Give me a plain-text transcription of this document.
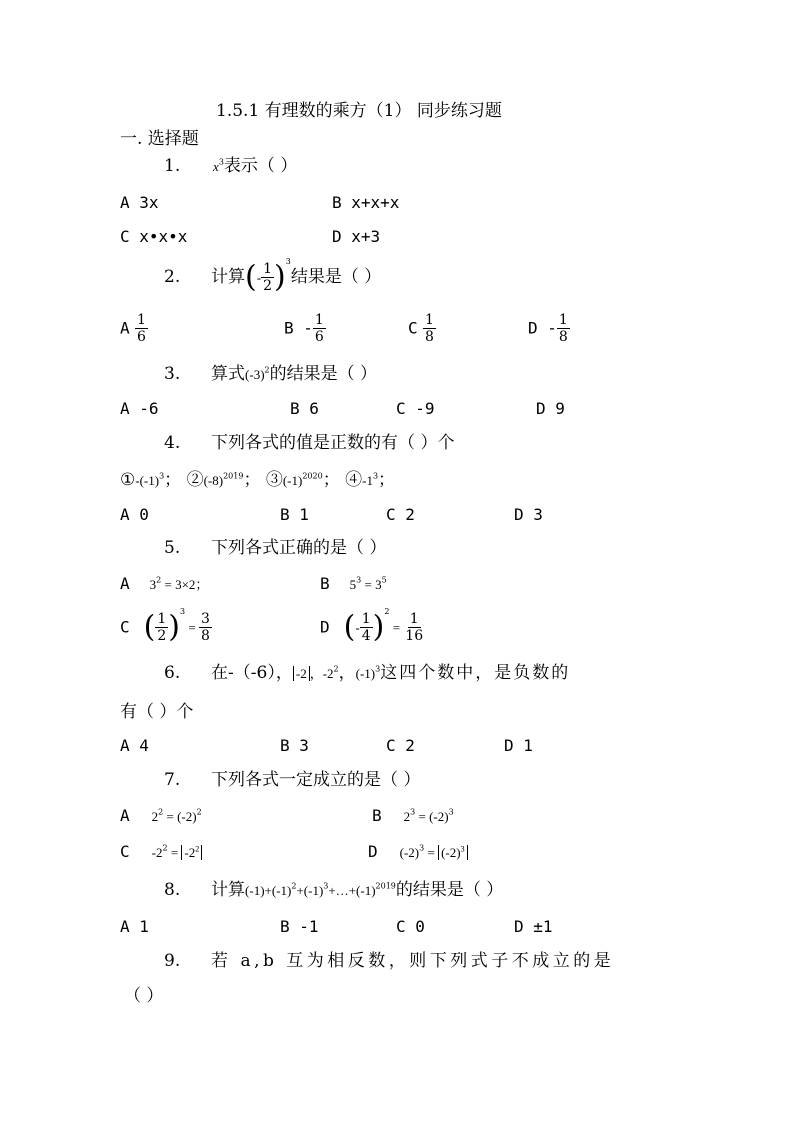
1.5.1 有理数的乘方（1） 同步练习题
一. 选择题
1.	$x^3$表示（ ）
A 3x	B x+x+x
C x•x•x	D x+3
2. 计算(- $\frac{1}{2} )^3$结果是（ ）
A $\frac{1}{6}$	B - $\frac{1}{6}$	C $\frac{1}{8}$	D - $\frac{1}{8}$
3. 算式$(-3)^2$的结果是（ ）
A -6	B 6	C -9	D 9
4. 下列各式的值是正数的有（ ）个
$①-(-1)^3$； $②(-8)^{2019}$； $③(-1)^{2020}$； $④-1^3$；
A 0	B 1	C 2	D 3
5. 下列各式正确的是（ ）
A $3^2 = 3\times 2$；	B $5^3 = 3^5$
C ( $\frac{1}{2} )^3 = \frac{3}{8}$	D (- $\frac{1}{4} )^2 = \frac{1}{16}$
6. 在-（-6）， -2 ，$-2^2$，$(-1)^3$这四个数中，是负数的
有（ ）个
A 4	B 3	C 2	D 1
7. 下列各式一定成立的是（ ）
A $2^2 = (-2)^2$	B $2^3 = (-2)^3$
C $-2^2 = -2^2$	D $(-2)^3 = (-2)^3$
8. 计算$(-1)+(-1)^2+(-1)^3+\dots+(-1)^{2019}$的结果是（ ）
A 1	B -1	C 0	D ±1
9. 若 a,b 互为相反数，则下列式子不成立的是
（ ）
